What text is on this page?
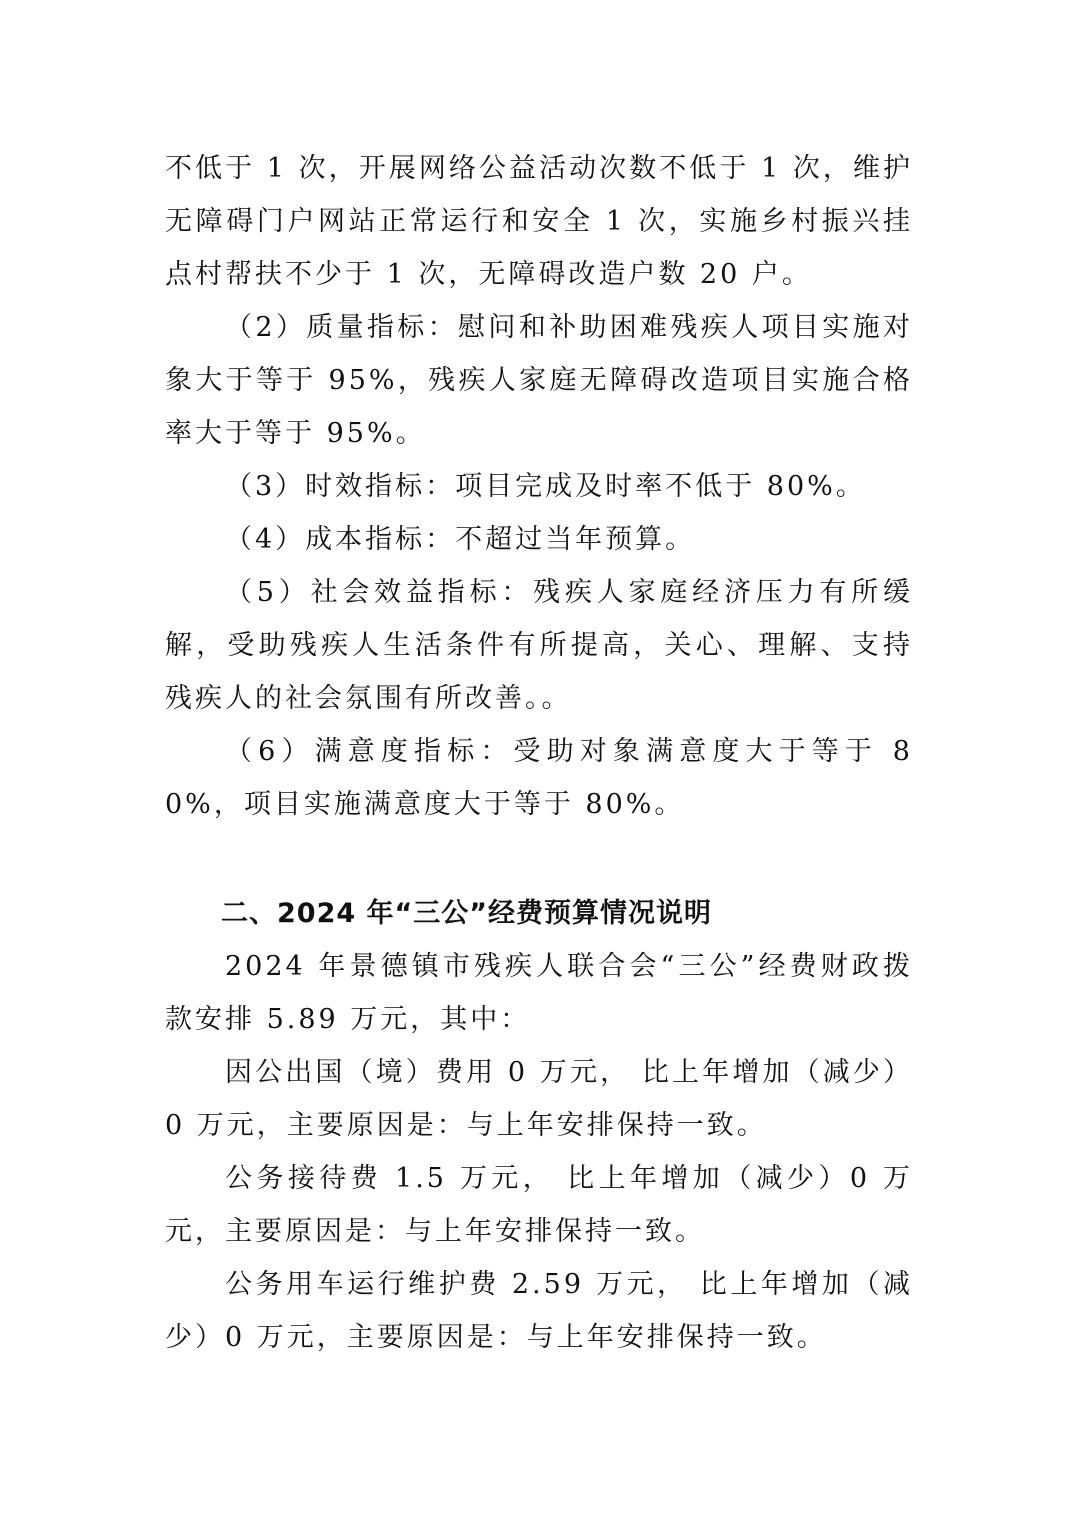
不低于 1 次，开展网络公益活动次数不低于 1 次，维护无障碍门户网站正常运行和安全 1 次，实施乡村振兴挂点村帮扶不少于 1 次，无障碍改造户数 20 户。

（2）质量指标：慰问和补助困难残疾人项目实施对象大于等于 95%，残疾人家庭无障碍改造项目实施合格率大于等于 95%。

（3）时效指标：项目完成及时率不低于 80%。

（4）成本指标：不超过当年预算。

（5）社会效益指标：残疾人家庭经济压力有所缓解，受助残疾人生活条件有所提高，关心、理解、支持残疾人的社会氛围有所改善。。

（6）满意度指标：受助对象满意度大于等于 80%，项目实施满意度大于等于 80%。

二、2024 年“三公”经费预算情况说明

2024 年景德镇市残疾人联合会“三公”经费财政拨款安排 5.89 万元，其中：

因公出国（境）费用 0 万元， 比上年增加（减少）0 万元，主要原因是：与上年安排保持一致。

公务接待费 1.5 万元， 比上年增加（减少）0 万元，主要原因是：与上年安排保持一致。

公务用车运行维护费 2.59 万元， 比上年增加（减少）0 万元，主要原因是：与上年安排保持一致。
